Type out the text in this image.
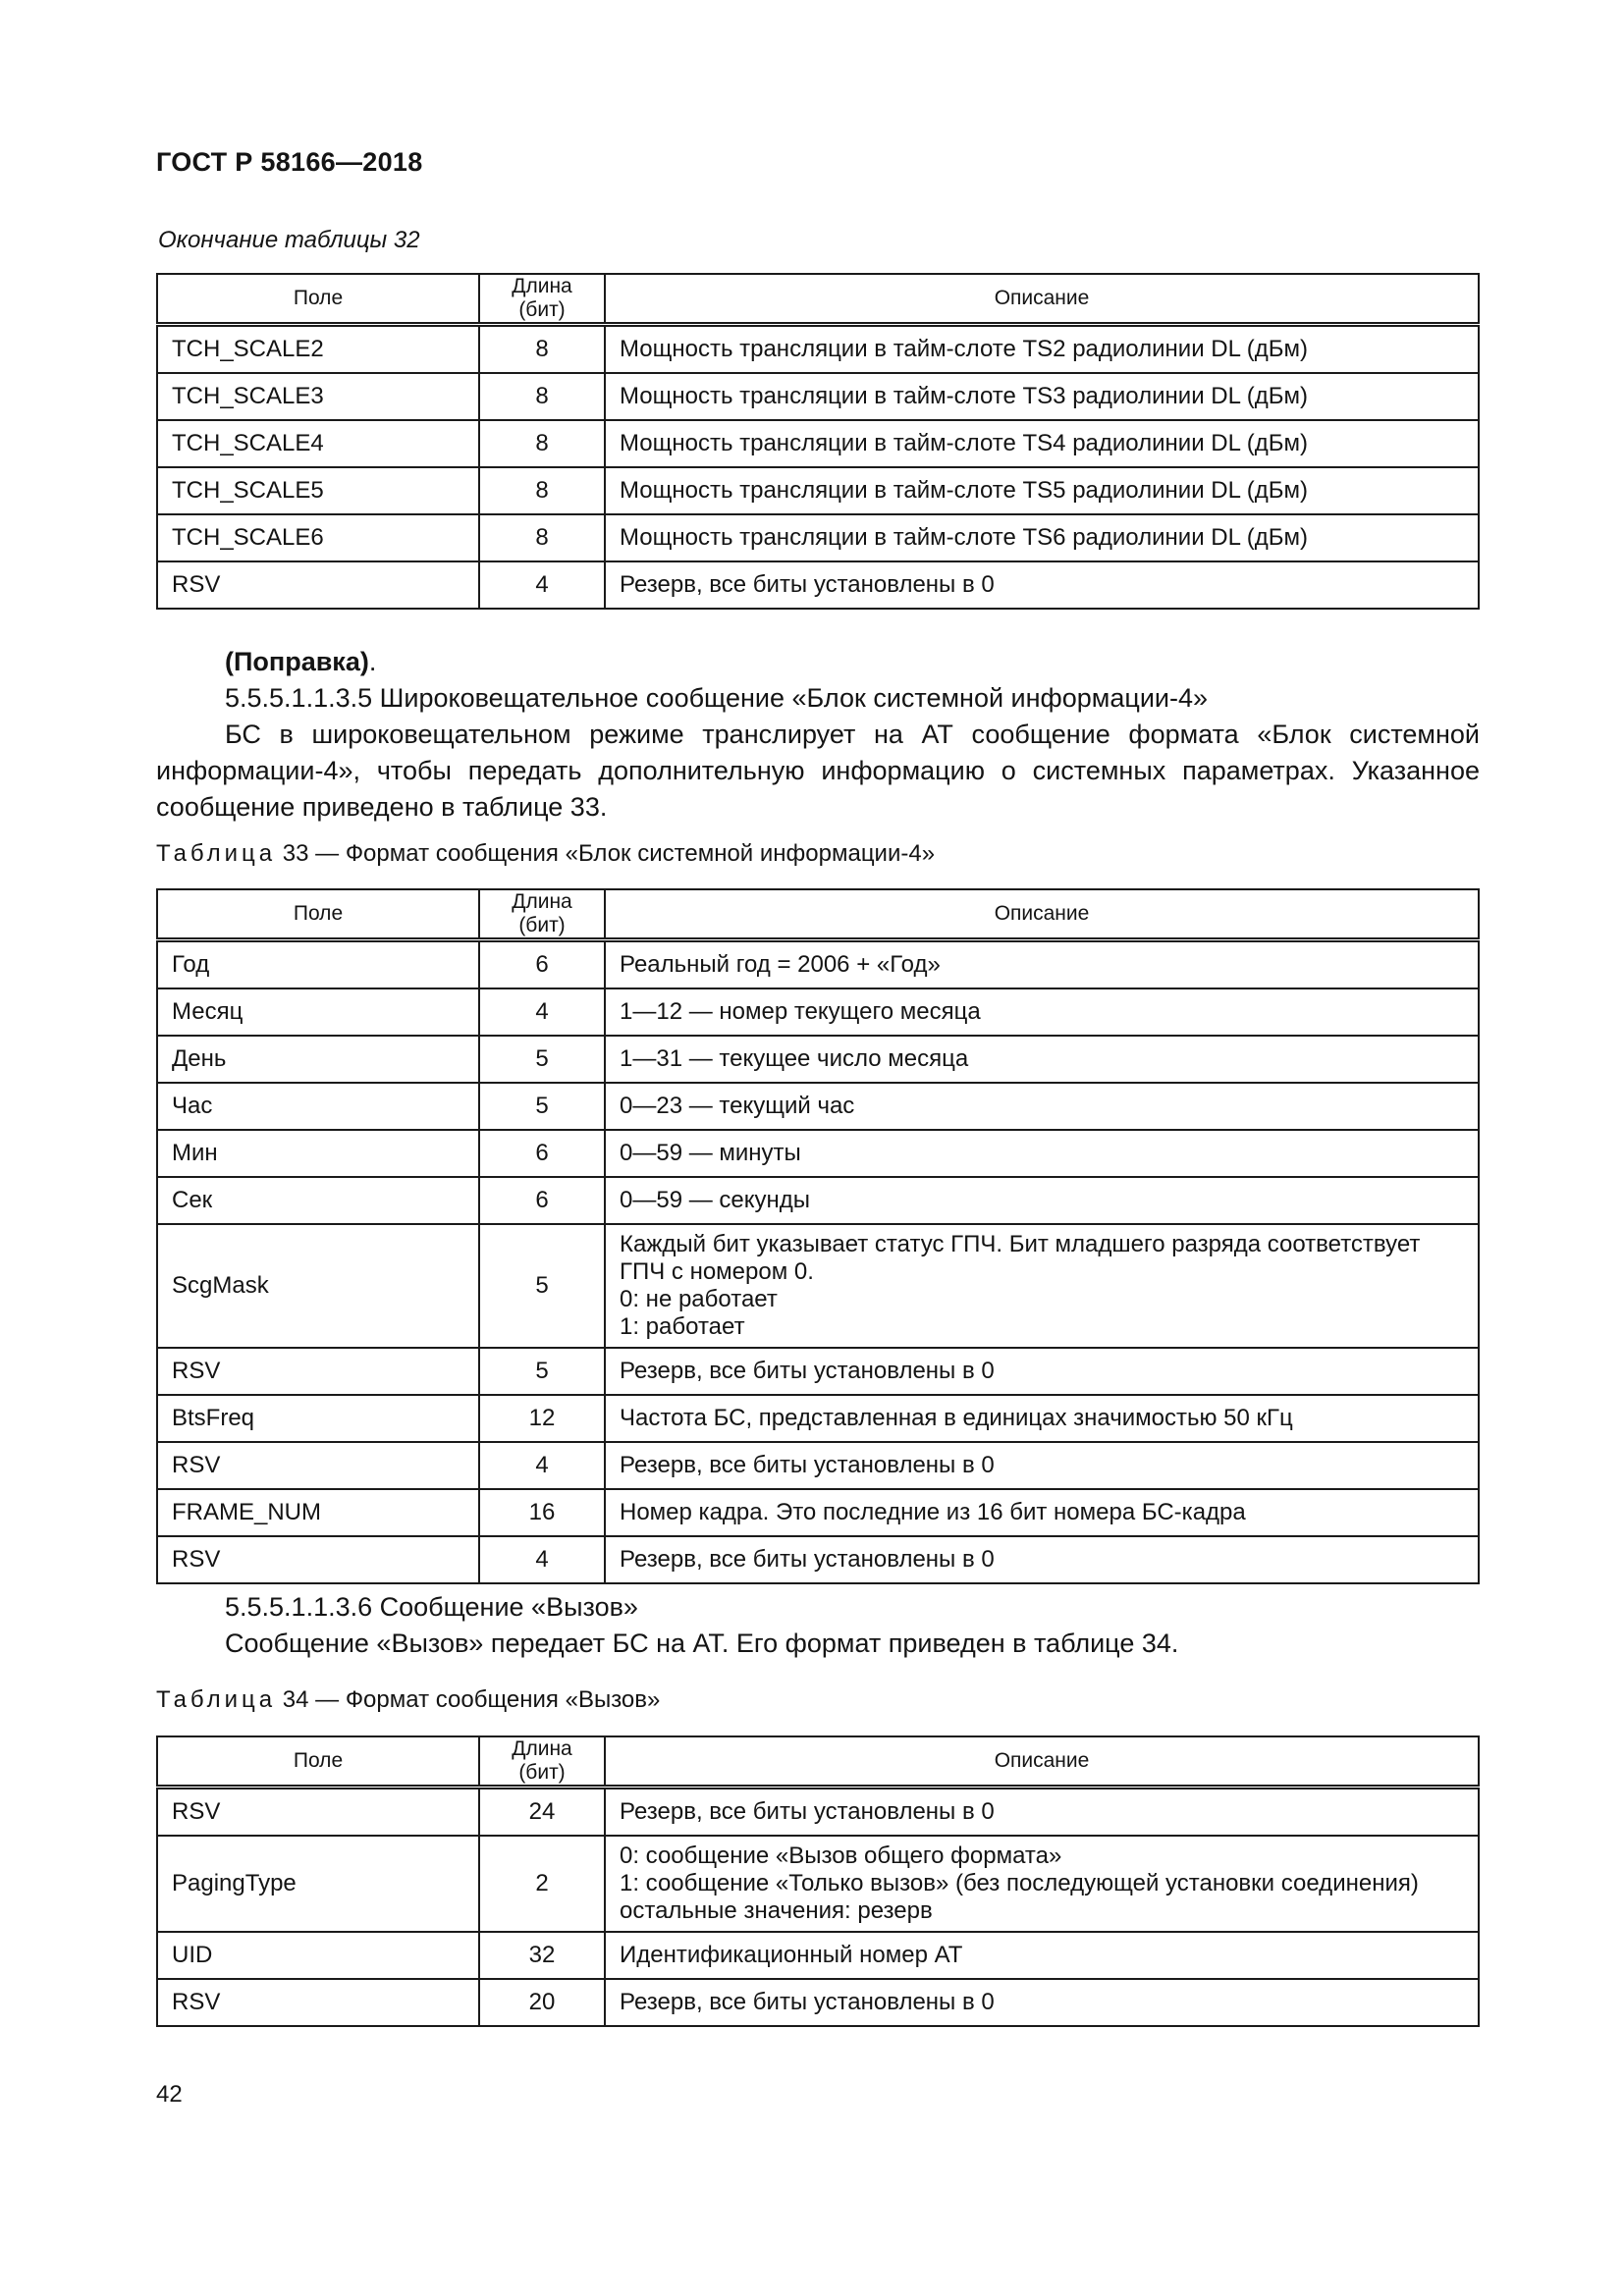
ГОСТ Р 58166—2018
Окончание таблицы 32
Поле	Длина (бит)	Описание
TCH_SCALE2	8	Мощность трансляции в тайм-слоте TS2 радиолинии DL (дБм)
TCH_SCALE3	8	Мощность трансляции в тайм-слоте TS3 радиолинии DL (дБм)
TCH_SCALE4	8	Мощность трансляции в тайм-слоте TS4 радиолинии DL (дБм)
TCH_SCALE5	8	Мощность трансляции в тайм-слоте TS5 радиолинии DL (дБм)
TCH_SCALE6	8	Мощность трансляции в тайм-слоте TS6 радиолинии DL (дБм)
RSV	4	Резерв, все биты установлены в 0
(Поправка).
5.5.5.1.1.3.5 Широковещательное сообщение «Блок системной информации-4»
БС в широковещательном режиме транслирует на АТ сообщение формата «Блок системной информации-4», чтобы передать дополнительную информацию о системных параметрах. Указанное сообщение приведено в таблице 33.
Таблица 33 — Формат сообщения «Блок системной информации-4»
Поле	Длина (бит)	Описание
Год	6	Реальный год = 2006 + «Год»

Месяц	4	1—12 — номер текущего месяца

День	5	1—31 — текущее число месяца

Час	5	0—23 — текущий час

Мин	6	0—59 — минуты

Сек	6	0—59 — секунды

ScgMask	5	Каждый бит указывает статус ГПЧ. Бит младшего разряда соответствует ГПЧ с номером 0.
0: не работает
1: работает

RSV	5	Резерв, все биты установлены в 0

BtsFreq	12	Частота БС, представленная в единицах значимостью 50 кГц

RSV	4	Резерв, все биты установлены в 0

FRAME_NUM	16	Номер кадра. Это последние из 16 бит номера БС-кадра

RSV	4	Резерв, все биты установлены в 0
5.5.5.1.1.3.6 Сообщение «Вызов»
Сообщение «Вызов» передает БС на АТ. Его формат приведен в таблице 34.
Таблица 34 — Формат сообщения «Вызов»
Поле	Длина (бит)	Описание
RSV	24	Резерв, все биты установлены в 0

PagingType	2	0: сообщение «Вызов общего формата»
1: сообщение «Только вызов» (без последующей установки соединения)
остальные значения: резерв

UID	32	Идентификационный номер АТ

RSV	20	Резерв, все биты установлены в 0
42
